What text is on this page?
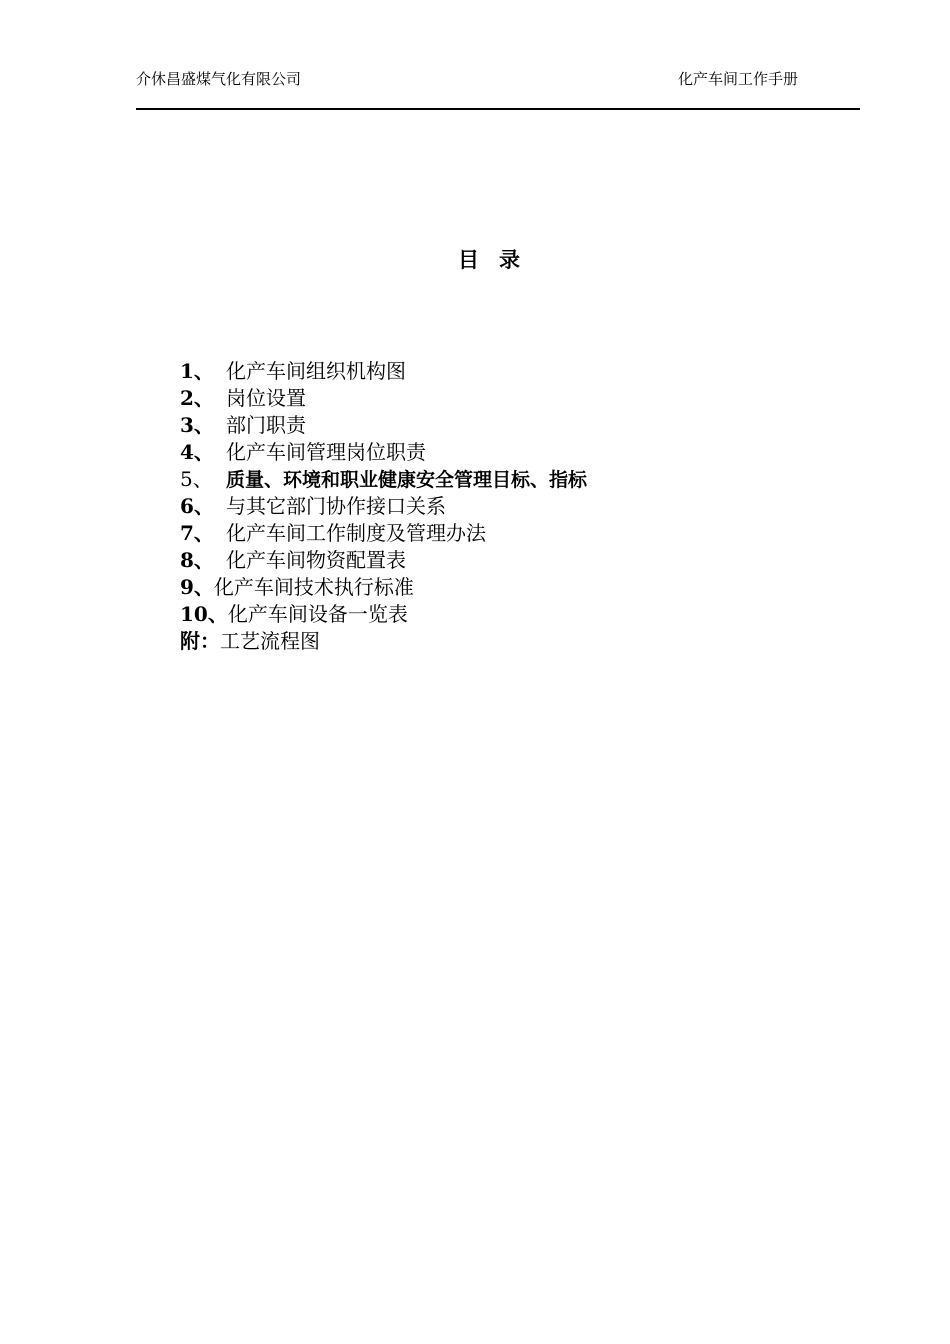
介休昌盛煤气化有限公司	化产车间工作手册
目录
1、 化产车间组织机构图
2、 岗位设置
3、 部门职责
4、 化产车间管理岗位职责
5、 质量、环境和职业健康安全管理目标、指标
6、 与其它部门协作接口关系
7、 化产车间工作制度及管理办法
8、 化产车间物资配置表
9、化产车间技术执行标准
10、化产车间设备一览表
附：工艺流程图
